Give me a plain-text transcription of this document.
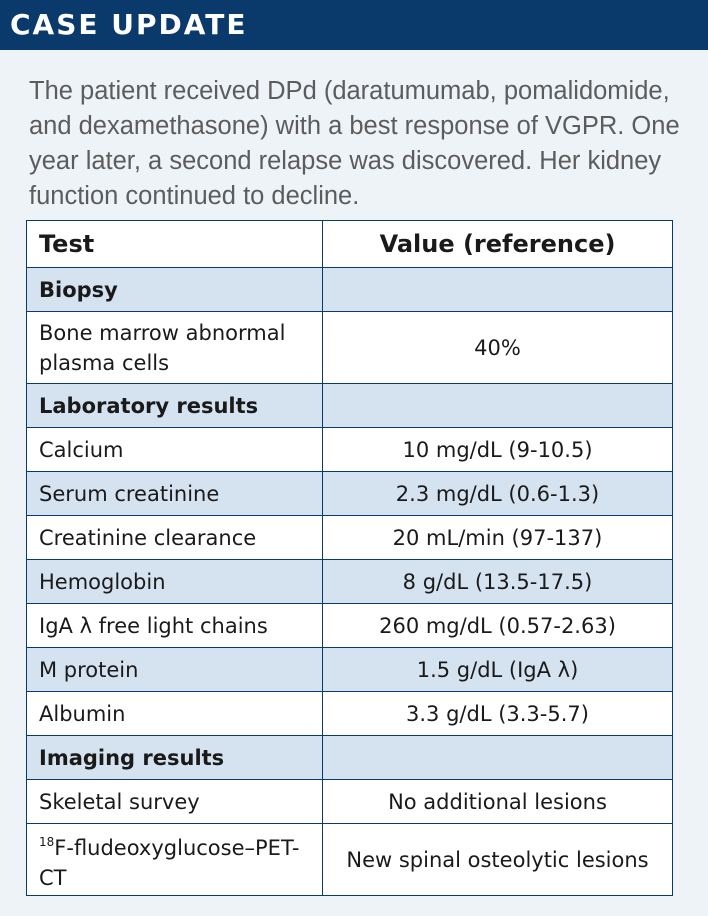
CASE UPDATE
The patient received DPd (daratumumab, pomalidomide, and dexamethasone) with a best response of VGPR. One year later, a second relapse was discovered. Her kidney function continued to decline.
Test	Value (reference)
Biopsy	
Bone marrow abnormal plasma cells	40%
Laboratory results	
Calcium	10 mg/dL (9-10.5)
Serum creatinine	2.3 mg/dL (0.6-1.3)
Creatinine clearance	20 mL/min (97-137)
Hemoglobin	8 g/dL (13.5-17.5)
IgA λ free light chains	260 mg/dL (0.57-2.63)
M protein	1.5 g/dL (IgA λ)
Albumin	3.3 g/dL (3.3-5.7)
Imaging results	
Skeletal survey	No additional lesions
$^{18}$F-fludeoxyglucose–PET-CT	New spinal osteolytic lesions
